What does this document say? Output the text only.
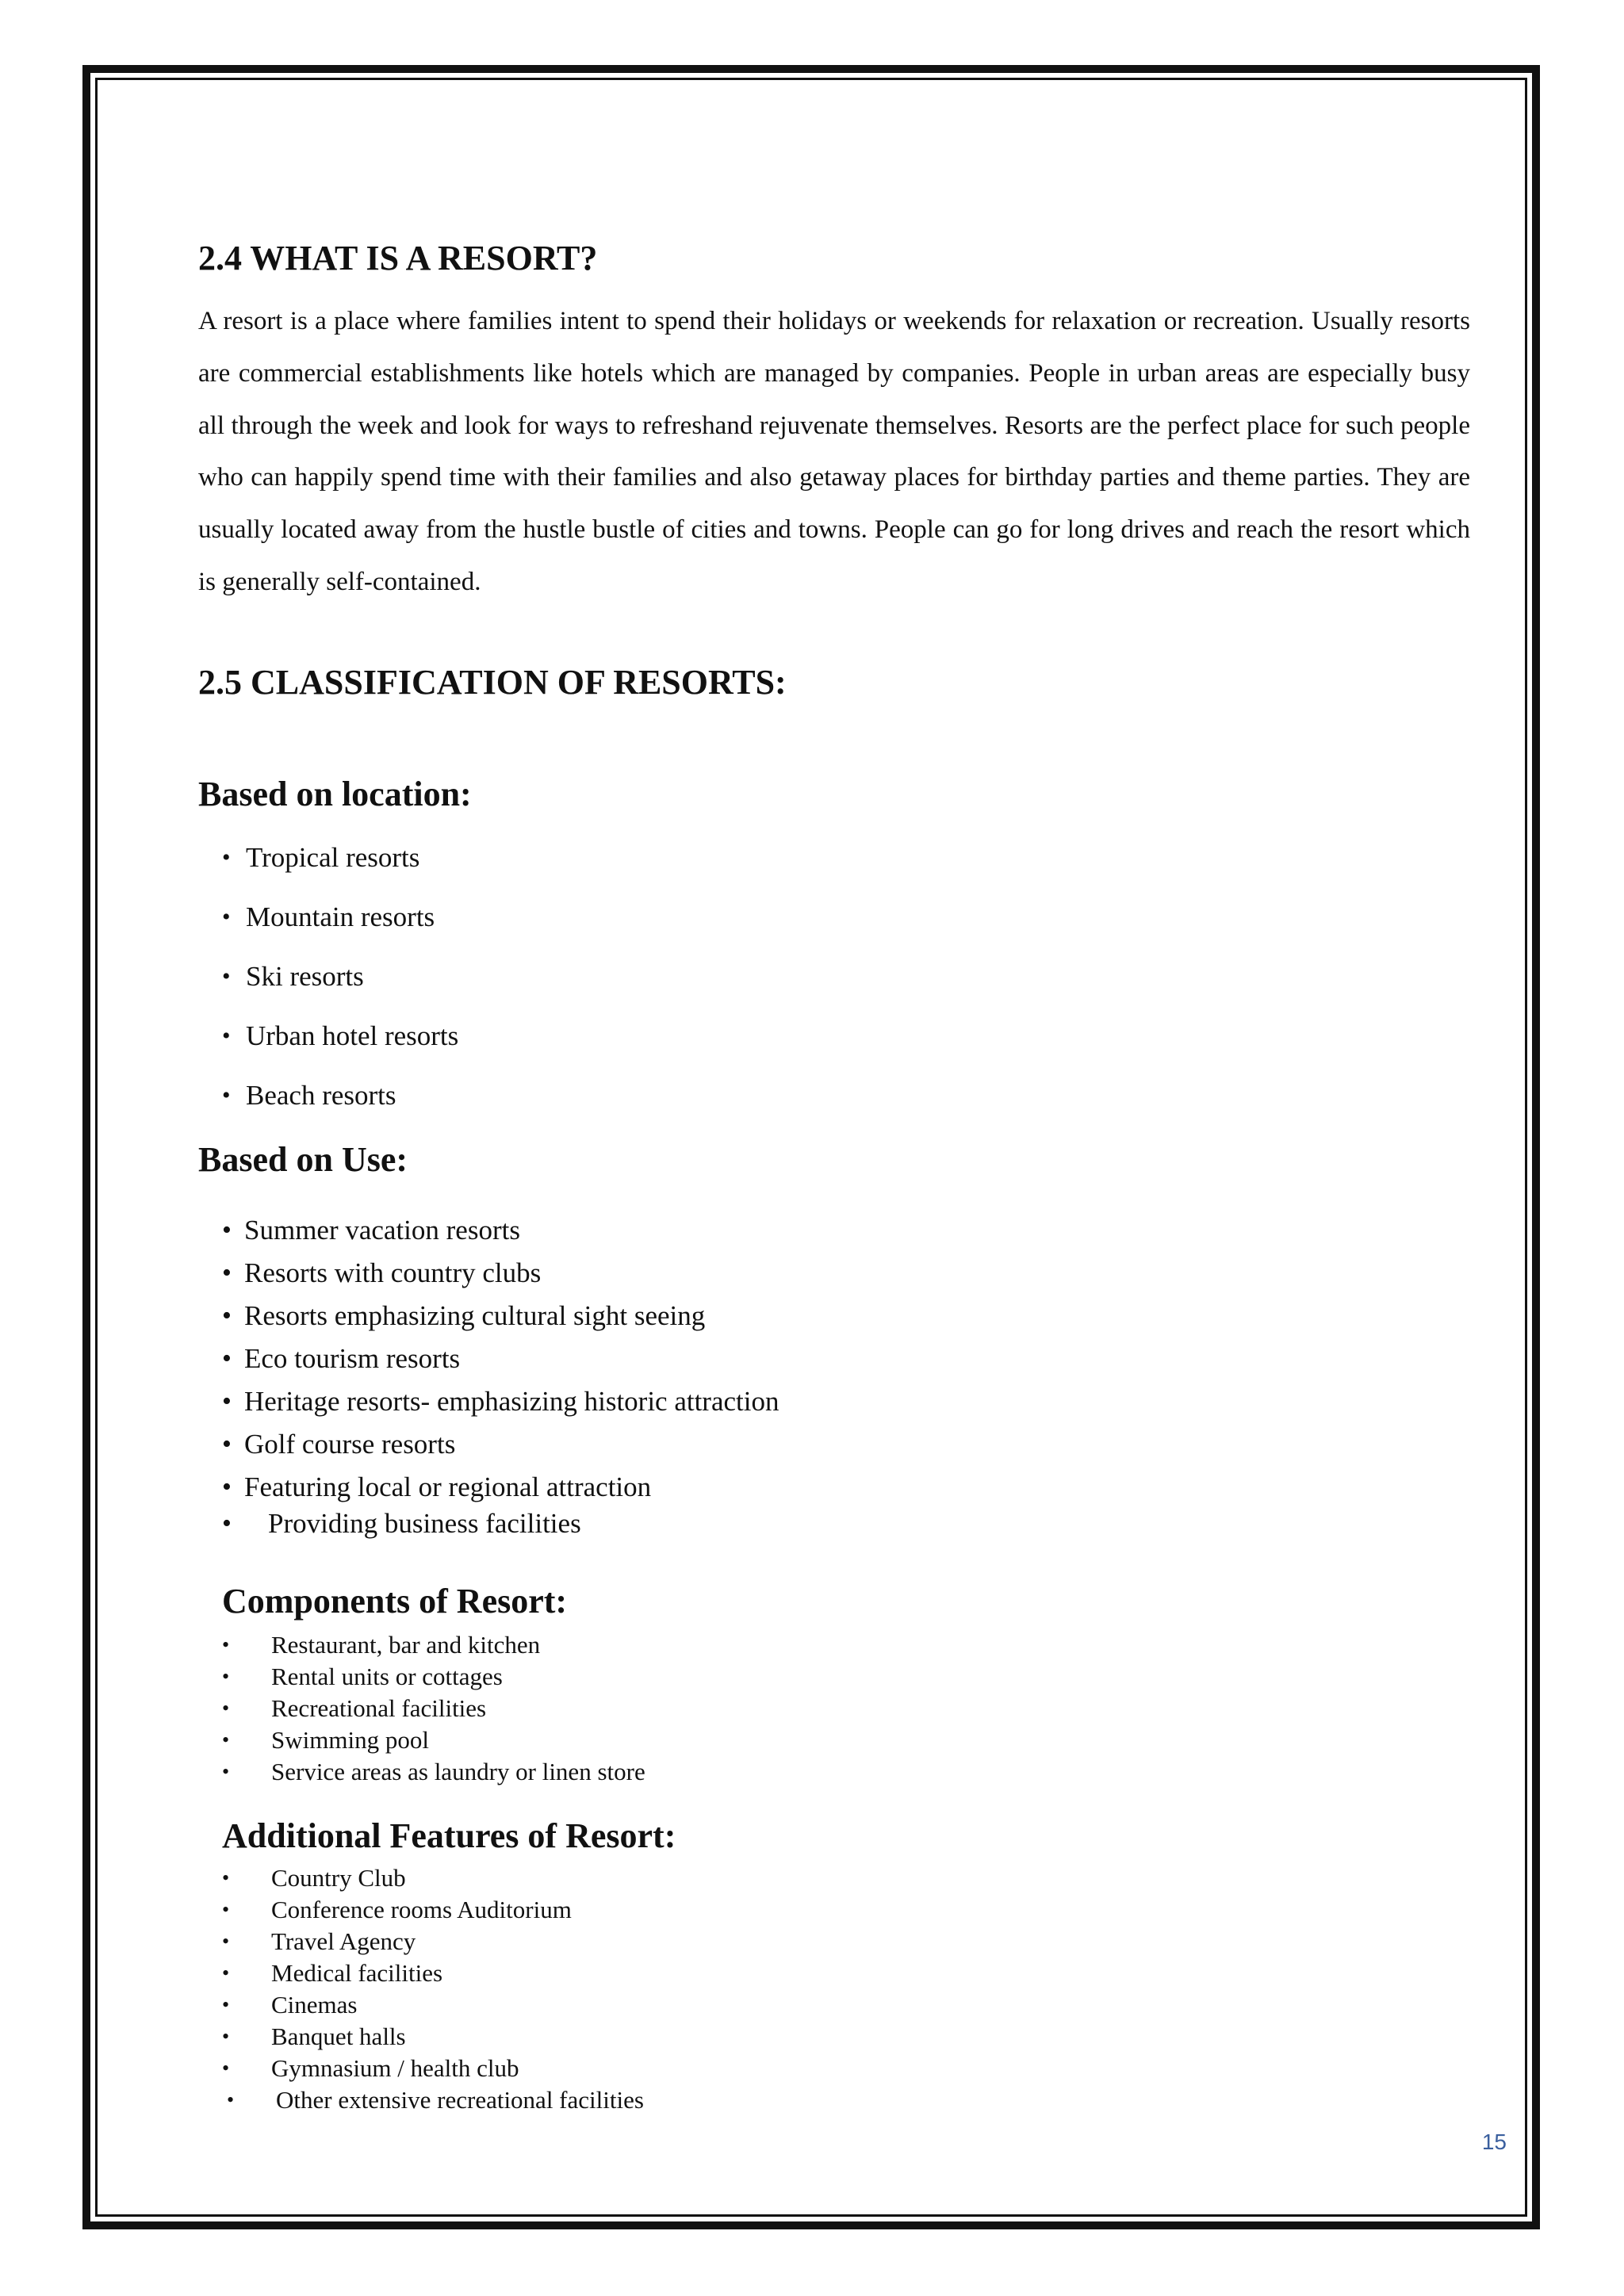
2.4 WHAT IS A RESORT?

A resort is a place where families intent to spend their holidays or weekends for relaxation or recreation. Usually resorts are commercial establishments like hotels which are managed by companies. People in urban areas are especially busy all through the week and look for ways to refreshand rejuvenate themselves. Resorts are the perfect place for such people who can happily spend time with their families and also getaway places for birthday parties and theme parties. They are usually located away from the hustle bustle of cities and towns. People can go for long drives and reach the resort which is generally self-contained.

2.5 CLASSIFICATION OF RESORTS:
Based on location:
• Tropical resorts
• Mountain resorts
• Ski resorts
• Urban hotel resorts
• Beach resorts
Based on Use:
• Summer vacation resorts
• Resorts with country clubs
• Resorts emphasizing cultural sight seeing
• Eco tourism resorts
• Heritage resorts- emphasizing historic attraction
• Golf course resorts
• Featuring local or regional attraction
• Providing business facilities
Components of Resort:
• Restaurant, bar and kitchen
• Rental units or cottages
• Recreational facilities
• Swimming pool
• Service areas as laundry or linen store
Additional Features of Resort:
• Country Club
• Conference rooms Auditorium
• Travel Agency
• Medical facilities
• Cinemas
• Banquet halls
• Gymnasium / health club
• Other extensive recreational facilities
15
